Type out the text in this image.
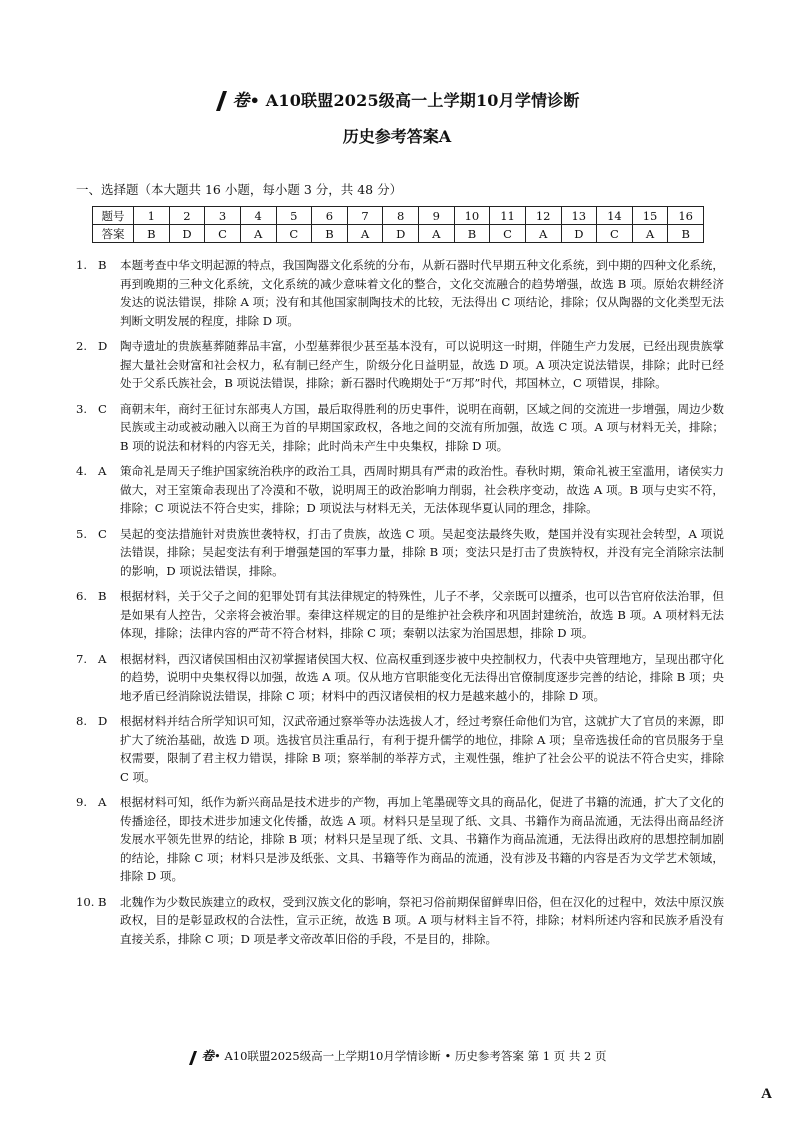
卷• A10联盟2025级高一上学期10月学情诊断
历史参考答案A
一、选择题（本大题共 16 小题，每小题 3 分，共 48 分）
题号	1	2	3	4	5	6	7	8	9	10	11	12	13	14	15	16
答案	B	D	C	A	C	B	A	D	A	B	C	A	D	C	A	B
1. B 本题考查中华文明起源的特点，我国陶器文化系统的分布，从新石器时代早期五种文化系统，到中期的四种文化系统，再到晚期的三种文化系统，文化系统的减少意味着文化的整合，文化交流融合的趋势增强，故选 B 项。原始农耕经济发达的说法错误，排除 A 项；没有和其他国家制陶技术的比较，无法得出 C 项结论，排除；仅从陶器的文化类型无法判断文明发展的程度，排除 D 项。
2. D 陶寺遗址的贵族墓葬随葬品丰富，小型墓葬很少甚至基本没有，可以说明这一时期，伴随生产力发展，已经出现贵族掌握大量社会财富和社会权力，私有制已经产生，阶级分化日益明显，故选 D 项。A 项决定说法错误，排除；此时已经处于父系氏族社会，B 项说法错误，排除；新石器时代晚期处于“万邦”时代，邦国林立，C 项错误，排除。
3. C 商朝末年，商纣王征讨东部夷人方国，最后取得胜利的历史事件，说明在商朝，区域之间的交流进一步增强，周边少数民族或主动或被动融入以商王为首的早期国家政权，各地之间的交流有所加强，故选 C 项。A 项与材料无关，排除；B 项的说法和材料的内容无关，排除；此时尚未产生中央集权，排除 D 项。
4. A 策命礼是周天子维护国家统治秩序的政治工具，西周时期具有严肃的政治性。春秋时期，策命礼被王室滥用，诸侯实力做大，对王室策命表现出了冷漠和不敬，说明周王的政治影响力削弱，社会秩序变动，故选 A 项。B 项与史实不符，排除；C 项说法不符合史实，排除；D 项说法与材料无关，无法体现华夏认同的理念，排除。
5. C 吴起的变法措施针对贵族世袭特权，打击了贵族，故选 C 项。吴起变法最终失败，楚国并没有实现社会转型，A 项说法错误，排除；吴起变法有利于增强楚国的军事力量，排除 B 项；变法只是打击了贵族特权，并没有完全消除宗法制的影响，D 项说法错误，排除。
6. B 根据材料，关于父子之间的犯罪处罚有其法律规定的特殊性，儿子不孝，父亲既可以擅杀，也可以告官府依法治罪，但是如果有人控告，父亲将会被治罪。秦律这样规定的目的是维护社会秩序和巩固封建统治，故选 B 项。A 项材料无法体现，排除；法律内容的严苛不符合材料，排除 C 项；秦朝以法家为治国思想，排除 D 项。
7. A 根据材料，西汉诸侯国相由汉初掌握诸侯国大权、位高权重到逐步被中央控制权力，代表中央管理地方，呈现出郡守化的趋势，说明中央集权得以加强，故选 A 项。仅从地方官职能变化无法得出官僚制度逐步完善的结论，排除 B 项；央地矛盾已经消除说法错误，排除 C 项；材料中的西汉诸侯相的权力是越来越小的，排除 D 项。
8. D 根据材料并结合所学知识可知，汉武帝通过察举等办法选拔人才，经过考察任命他们为官，这就扩大了官员的来源，即扩大了统治基础，故选 D 项。选拔官员注重品行，有利于提升儒学的地位，排除 A 项；皇帝选拔任命的官员服务于皇权需要，限制了君主权力错误，排除 B 项；察举制的举荐方式，主观性强，维护了社会公平的说法不符合史实，排除 C 项。
9. A 根据材料可知，纸作为新兴商品是技术进步的产物，再加上笔墨砚等文具的商品化，促进了书籍的流通，扩大了文化的传播途径，即技术进步加速文化传播，故选 A 项。材料只是呈现了纸、文具、书籍作为商品流通，无法得出商品经济发展水平领先世界的结论，排除 B 项；材料只是呈现了纸、文具、书籍作为商品流通，无法得出政府的思想控制加剧的结论，排除 C 项；材料只是涉及纸张、文具、书籍等作为商品的流通，没有涉及书籍的内容是否为文学艺术领域，排除 D 项。
10. B 北魏作为少数民族建立的政权，受到汉族文化的影响，祭祀习俗前期保留鲜卑旧俗，但在汉化的过程中，效法中原汉族政权，目的是彰显政权的合法性，宣示正统，故选 B 项。A 项与材料主旨不符，排除；材料所述内容和民族矛盾没有直接关系，排除 C 项；D 项是孝文帝改革旧俗的手段，不是目的，排除。
卷• A10联盟2025级高一上学期10月学情诊断 • 历史参考答案 第 1 页 共 2 页
A
